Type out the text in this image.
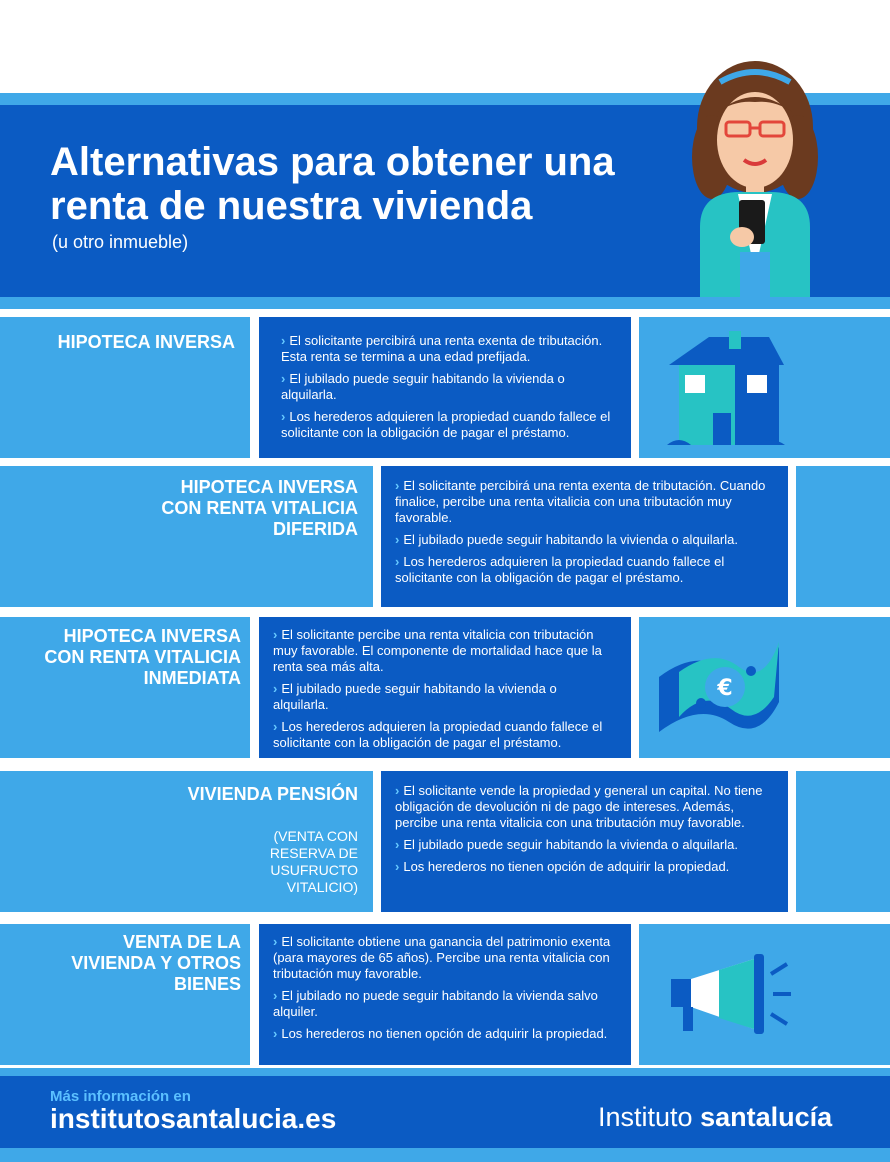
Alternativas para obtener una renta de nuestra vivienda
(u otro inmueble)
HIPOTECA INVERSA	› El solicitante percibirá una renta exenta de tributación. Esta renta se termina a una edad prefijada.
› El jubilado puede seguir habitando la vivienda o alquilarla.
› Los herederos adquieren la propiedad cuando fallece el solicitante con la obligación de pagar el préstamo.
HIPOTECA INVERSA CON RENTA VITALICIA DIFERIDA
› El solicitante percibirá una renta exenta de tributación. Cuando finalice, percibe una renta vitalicia con una tributación muy favorable.
› El jubilado puede seguir habitando la vivienda o alquilarla.
› Los herederos adquieren la propiedad cuando fallece el solicitante con la obligación de pagar el préstamo.
HIPOTECA INVERSA CON RENTA VITALICIA INMEDIATA
› El solicitante percibe una renta vitalicia con tributación muy favorable. El componente de mortalidad hace que la renta sea más alta.
› El jubilado puede seguir habitando la vivienda o alquilarla.
› Los herederos adquieren la propiedad cuando fallece el solicitante con la obligación de pagar el préstamo.
€
VIVIENDA PENSIÓN
(VENTA CON RESERVA DE USUFRUCTO VITALICIO)
› El solicitante vende la propiedad y general un capital. No tiene obligación de devolución ni de pago de intereses. Además, percibe una renta vitalicia con una tributación muy favorable.
› El jubilado puede seguir habitando la vivienda o alquilarla.
› Los herederos no tienen opción de adquirir la propiedad.
VENTA DE LA VIVIENDA Y OTROS BIENES
› El solicitante obtiene una ganancia del patrimonio exenta (para mayores de 65 años). Percibe una renta vitalicia con tributación muy favorable.
› El jubilado no puede seguir habitando la vivienda salvo alquiler.
› Los herederos no tienen opción de adquirir la propiedad.
Más información en
institutosantalucia.es	Instituto santalucía
